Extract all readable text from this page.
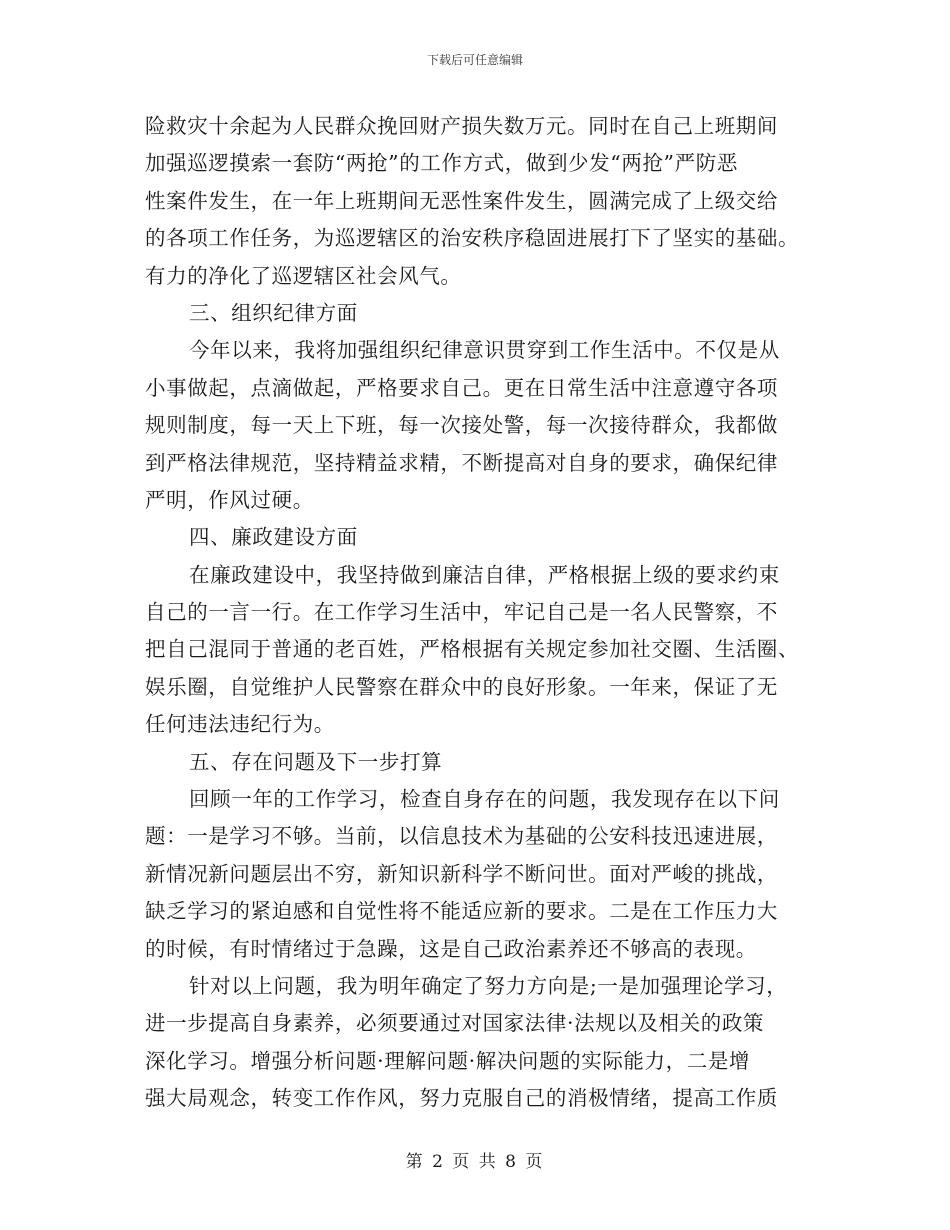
下载后可任意编辑
险救灾十余起为人民群众挽回财产损失数万元。同时在自己上班期间
加强巡逻摸索一套防“两抢”的工作方式，做到少发“两抢”严防恶
性案件发生，在一年上班期间无恶性案件发生，圆满完成了上级交给
的各项工作任务，为巡逻辖区的治安秩序稳固进展打下了坚实的基础。
有力的净化了巡逻辖区社会风气。
三、组织纪律方面
今年以来，我将加强组织纪律意识贯穿到工作生活中。不仅是从
小事做起，点滴做起，严格要求自己。更在日常生活中注意遵守各项
规则制度，每一天上下班，每一次接处警，每一次接待群众，我都做
到严格法律规范，坚持精益求精，不断提高对自身的要求，确保纪律
严明，作风过硬。
四、廉政建设方面
在廉政建设中，我坚持做到廉洁自律，严格根据上级的要求约束
自己的一言一行。在工作学习生活中，牢记自己是一名人民警察，不
把自己混同于普通的老百姓，严格根据有关规定参加社交圈、生活圈、
娱乐圈，自觉维护人民警察在群众中的良好形象。一年来，保证了无
任何违法违纪行为。
五、存在问题及下一步打算
回顾一年的工作学习，检查自身存在的问题，我发现存在以下问
题：一是学习不够。当前，以信息技术为基础的公安科技迅速进展，
新情况新问题层出不穷，新知识新科学不断问世。面对严峻的挑战，
缺乏学习的紧迫感和自觉性将不能适应新的要求。二是在工作压力大
的时候，有时情绪过于急躁，这是自己政治素养还不够高的表现。
针对以上问题，我为明年确定了努力方向是;一是加强理论学习，
进一步提高自身素养，必须要通过对国家法律·法规以及相关的政策
深化学习。增强分析问题·理解问题·解决问题的实际能力，二是增
强大局观念，转变工作作风，努力克服自己的消极情绪，提高工作质
第 2 页 共 8 页
